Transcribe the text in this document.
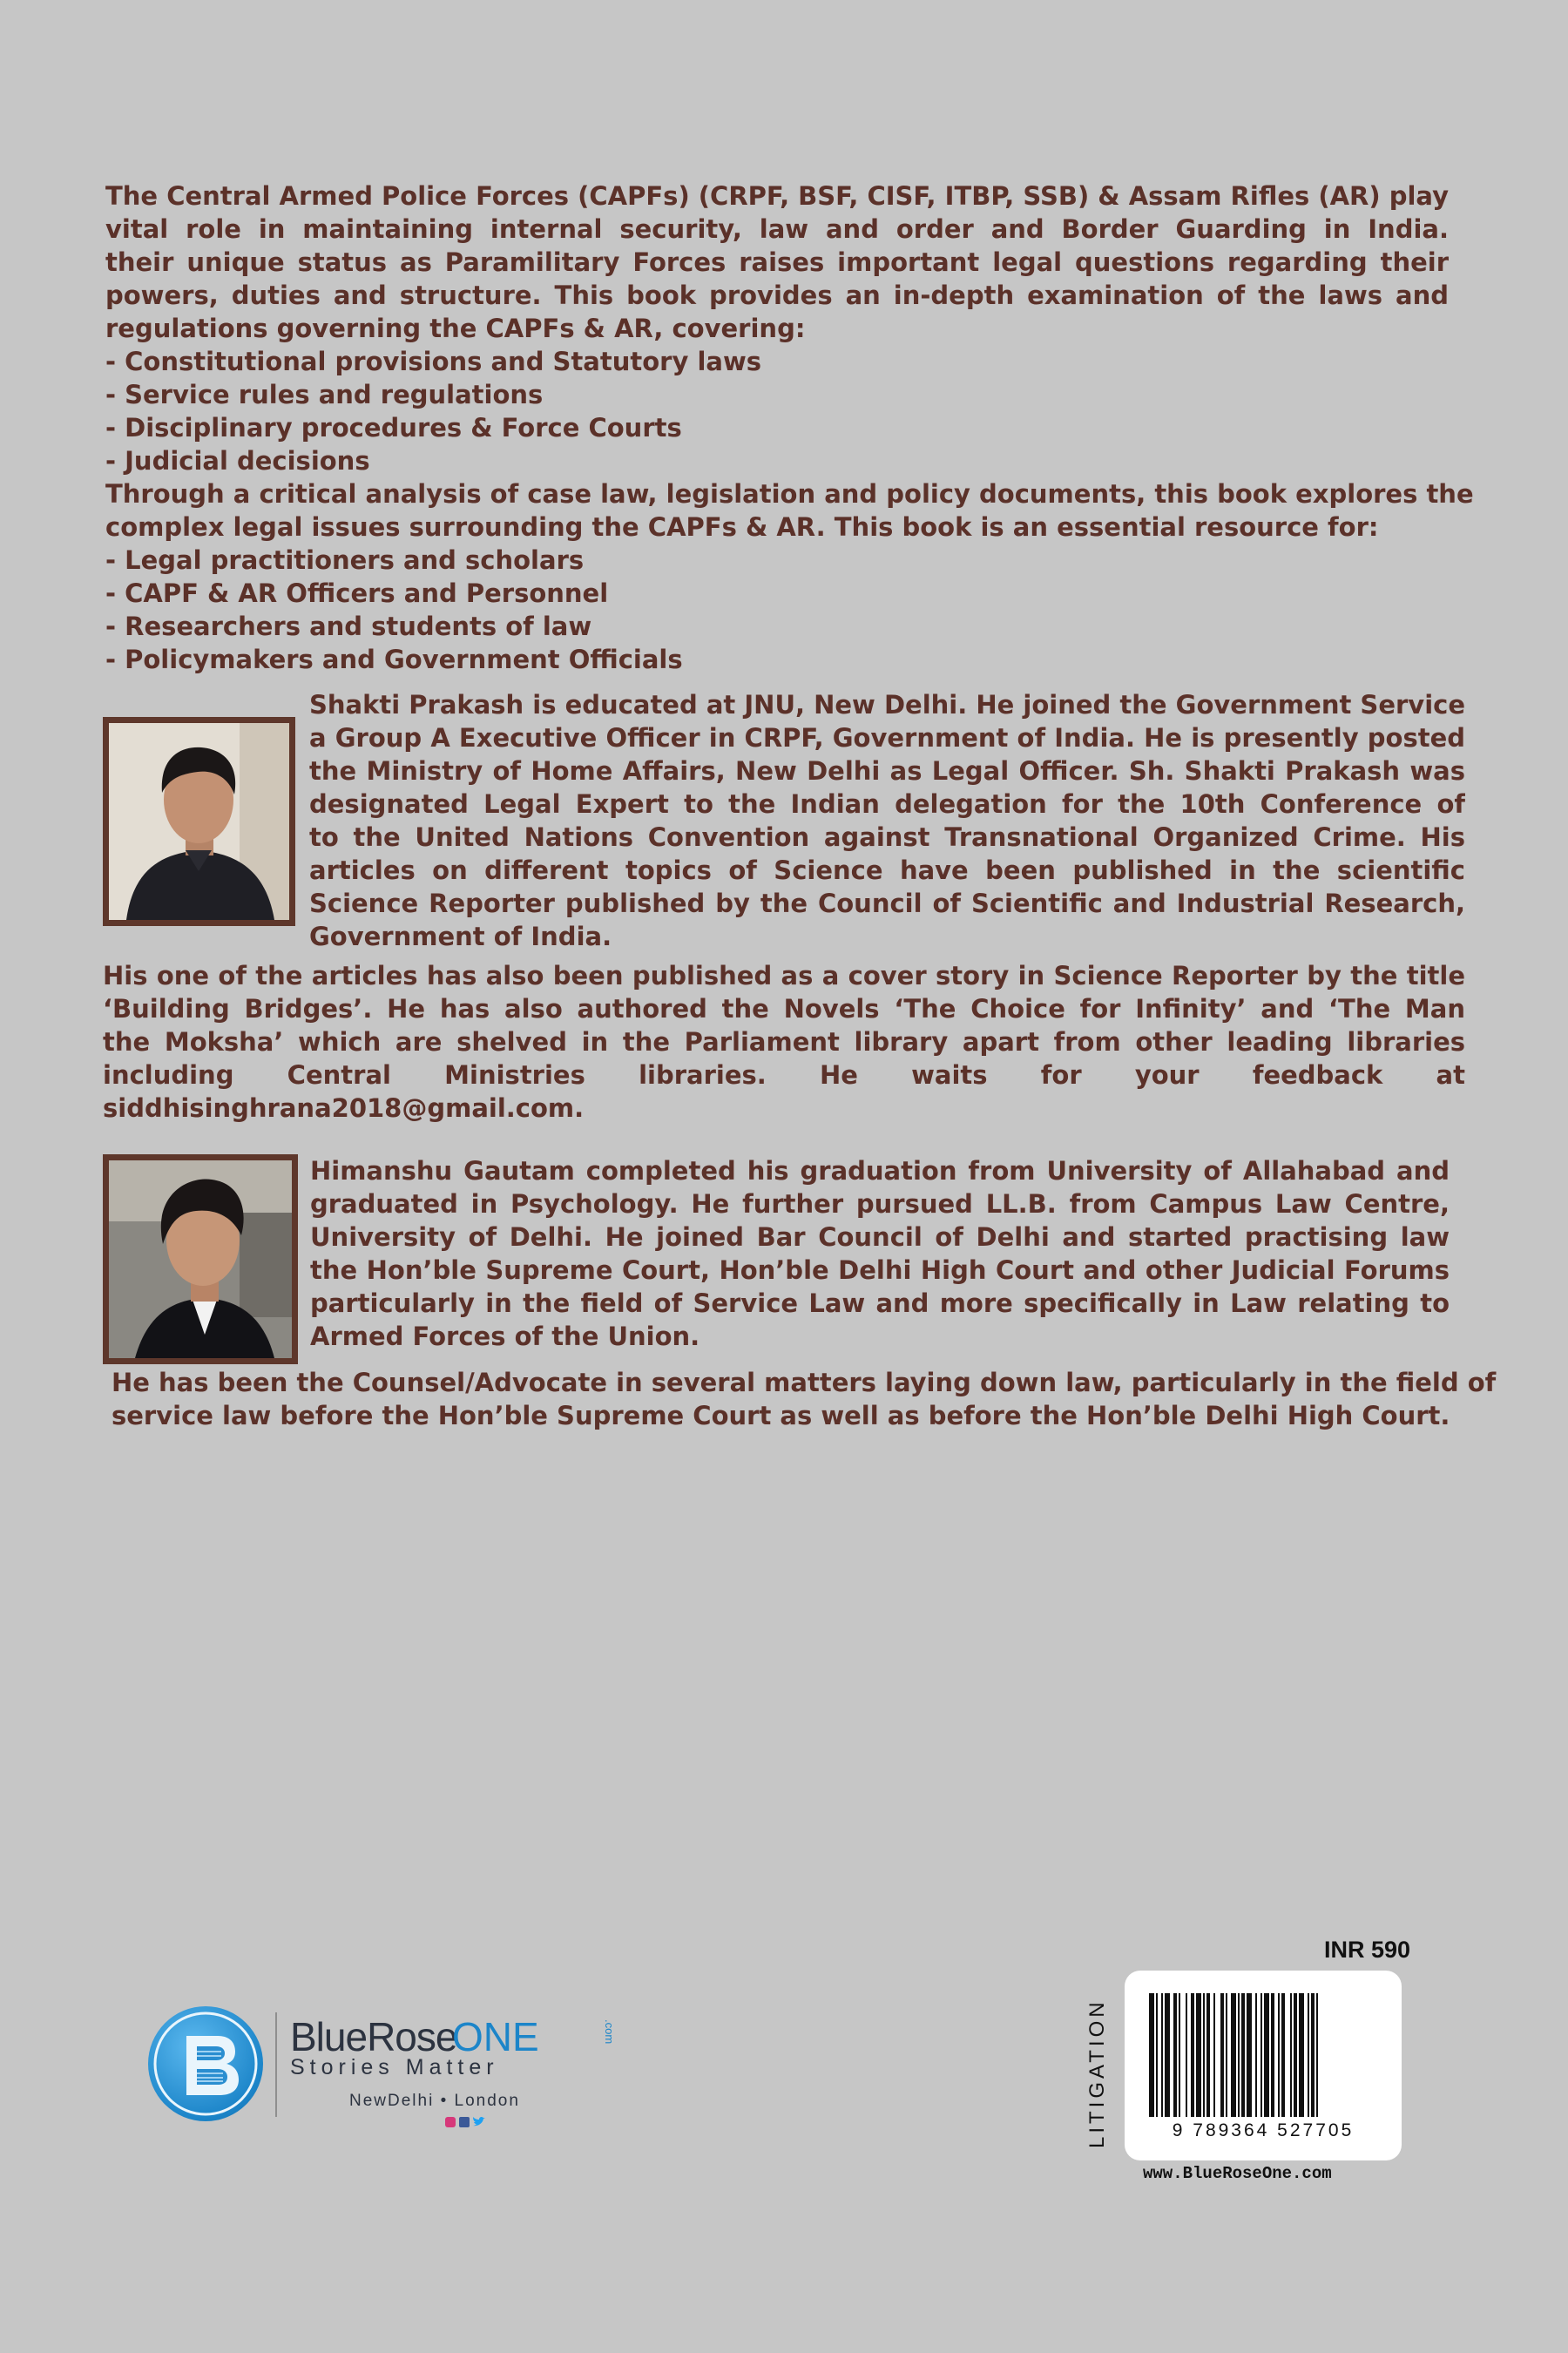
The Central Armed Police Forces (CAPFs) (CRPF, BSF, CISF, ITBP, SSB) & Assam Rifles (AR) play
vital role in maintaining internal security, law and order and Border Guarding in India.
their unique status as Paramilitary Forces raises important legal questions regarding their
powers, duties and structure. This book provides an in-depth examination of the laws and
regulations governing the CAPFs & AR, covering:
- Constitutional provisions and Statutory laws
- Service rules and regulations
- Disciplinary procedures & Force Courts
- Judicial decisions
Through a critical analysis of case law, legislation and policy documents, this book explores the
complex legal issues surrounding the CAPFs & AR. This book is an essential resource for:
- Legal practitioners and scholars
- CAPF & AR Officers and Personnel
- Researchers and students of law
- Policymakers and Government Officials
Shakti Prakash is educated at JNU, New Delhi. He joined the Government Service
a Group A Executive Officer in CRPF, Government of India. He is presently posted
the Ministry of Home Affairs, New Delhi as Legal Officer. Sh. Shakti Prakash was
designated Legal Expert to the Indian delegation for the 10th Conference of
to the United Nations Convention against Transnational Organized Crime. His
articles on different topics of Science have been published in the scientific
Science Reporter published by the Council of Scientific and Industrial Research,
Government of India.
His one of the articles has also been published as a cover story in Science Reporter by the title
‘Building Bridges’. He has also authored the Novels ‘The Choice for Infinity’ and ‘The Man
the Moksha’ which are shelved in the Parliament library apart from other leading libraries
including Central Ministries libraries. He waits for your feedback at
siddhisinghrana2018@gmail.com.
Himanshu Gautam completed his graduation from University of Allahabad and
graduated in Psychology. He further pursued LL.B. from Campus Law Centre,
University of Delhi. He joined Bar Council of Delhi and started practising law
the Hon’ble Supreme Court, Hon’ble Delhi High Court and other Judicial Forums
particularly in the field of Service Law and more specifically in Law relating to
Armed Forces of the Union.
He has been the Counsel/Advocate in several matters laying down law, particularly in the field of
service law before the Hon’ble Supreme Court as well as before the Hon’ble Delhi High Court.
BlueRose
ONE	.com
Stories Matter
NewDelhi • London
INR 590
LITIGATION	9 789364 527705
www.BlueRoseOne.com
